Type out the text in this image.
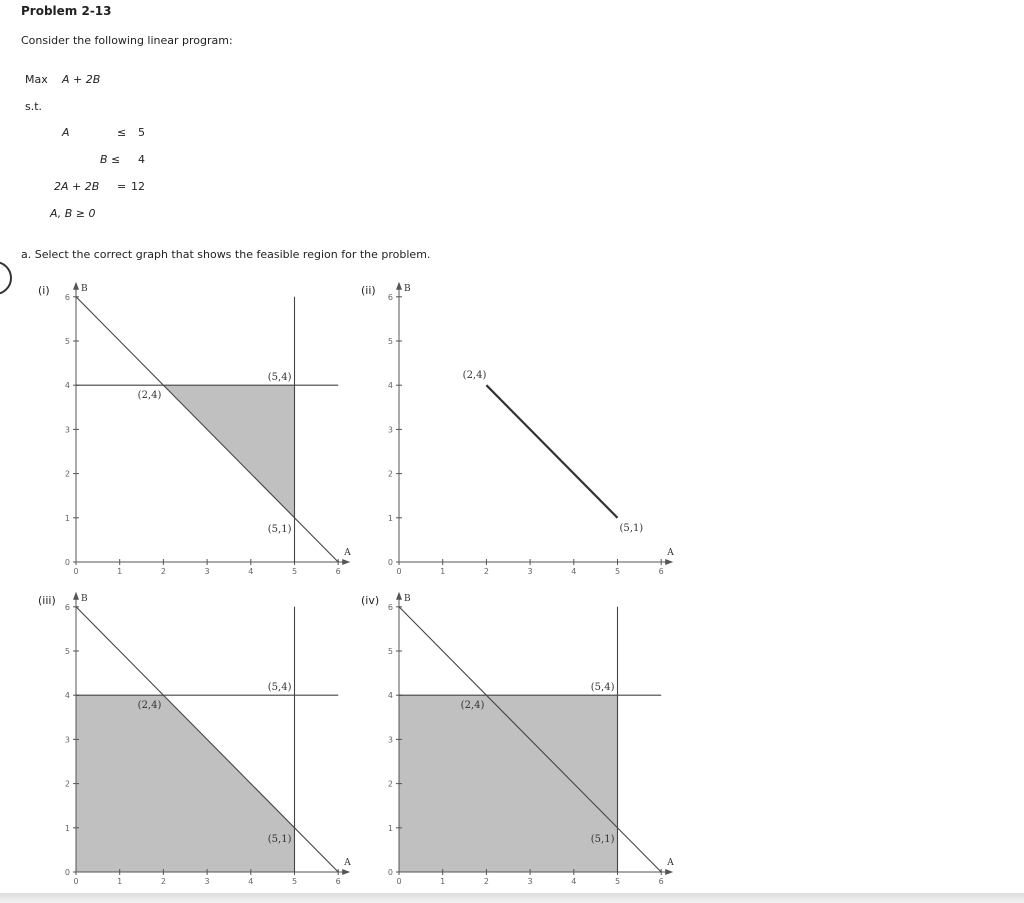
Problem 2-13
Consider the following linear program:
Max A + 2B
s.t.
A	≤ 5
B ≤ 4
2A + 2B = 12
A, B ≥ 0
a. Select the correct graph that shows the feasible region for the problem.
(i)
A
B
0	1	2	3	4	5	6
0
1
2
3
4
5
6
(2,4)
(5,4)
(5,1)
(ii)
A
B
0	1	2	3	4	5	6
0
1
2
3
4
5
6
(2,4)
(5,1)
(iii)
A
B
0	1	2	3	4	5	6
0
1
2
3
4
5
6
(2,4)
(5,4)
(5,1)
(iv)
A
B
0	1	2	3	4	5	6
0
1
2
3
4
5
6
(2,4)
(5,4)
(5,1)
